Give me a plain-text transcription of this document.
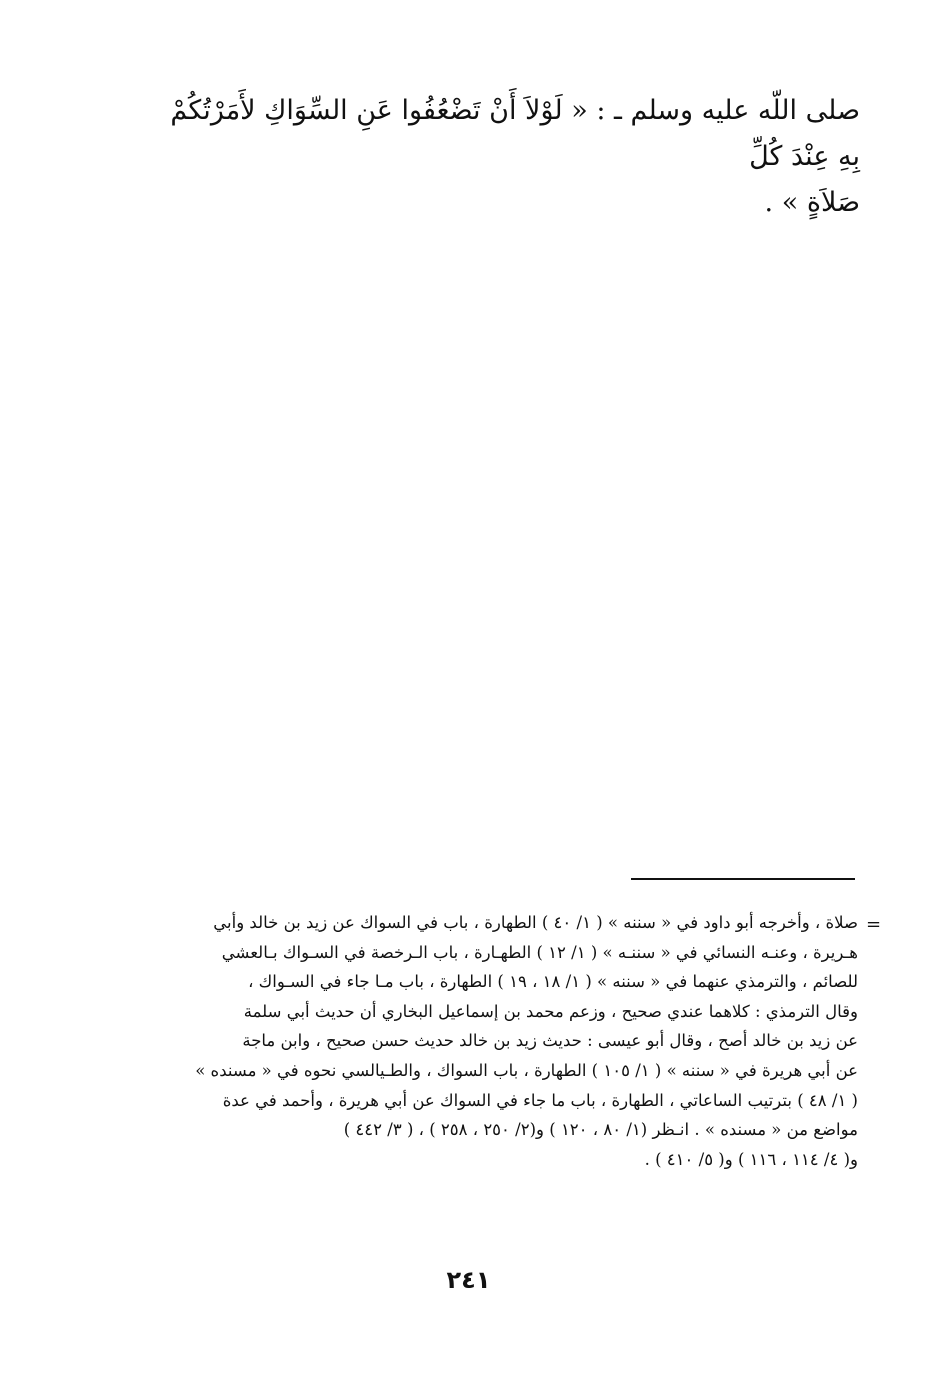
صلى اللّه عليه وسلم ـ : « لَوْلاَ أَنْ تَضْعُفُوا عَنِ السِّوَاكِ لأَمَرْتُكُمْ بِهِ عِنْدَ كُلِّ

صَلاَةٍ » .

=
صلاة ، وأخرجه أبو داود في « سننه » ( ١/ ٤٠ ) الطهارة ، باب في السواك عن زيد بن خالد وأبي
هـريرة ، وعنـه النسائي في « سننـه » ( ١/ ١٢ ) الطهـارة ، باب الـرخصة في السـواك بـالعشي
للصائم ، والترمذي عنهما في « سننه » ( ١/ ١٨ ، ١٩ ) الطهارة ، باب مـا جاء في السـواك ،
وقال الترمذي : كلاهما عندي صحيح ، وزعم محمد بن إسماعيل البخاري أن حديث أبي سلمة
عن زيد بن خالد أصح ، وقال أبو عيسى : حديث زيد بن خالد حديث حسن صحيح ، وابن ماجة
عن أبي هريرة في « سننه » ( ١/ ١٠٥ ) الطهارة ، باب السواك ، والطـيالسي نحوه في « مسنده »
( ١/ ٤٨ ) بترتيب الساعاتي ، الطهارة ، باب ما جاء في السواك عن أبي هريرة ، وأحمد في عدة
مواضع من « مسنده » . انـظر (١/ ٨٠ ، ١٢٠ ) و(٢/ ٢٥٠ ، ٢٥٨ ) ، ( ٣/ ٤٤٢ )
و( ٤/ ١١٤ ، ١١٦ ) و( ٥/ ٤١٠ ) .
٢٤١
